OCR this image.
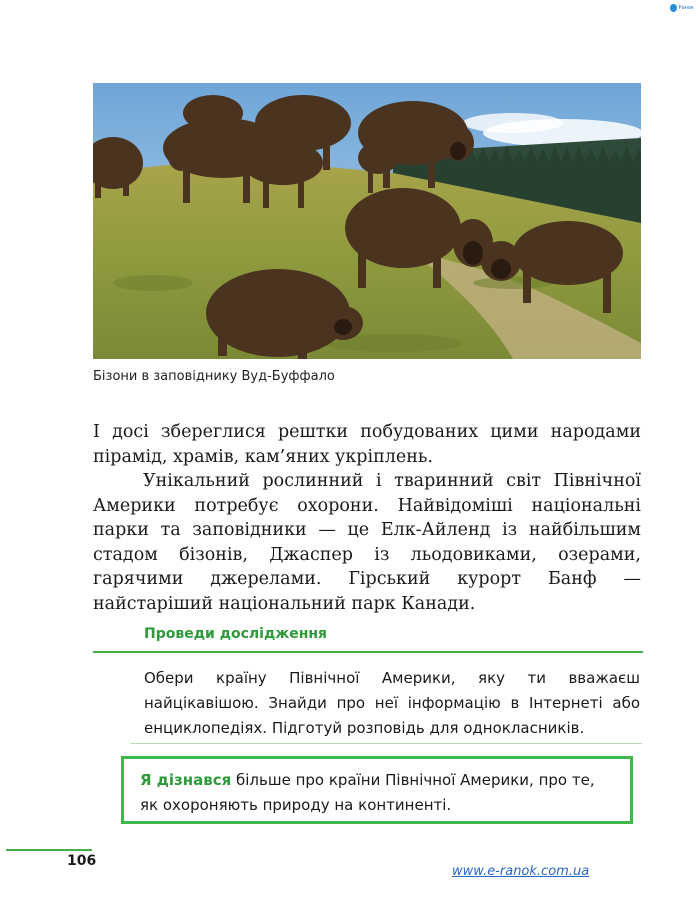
Ранок
Бізони в заповіднику Вуд-Буффало

І досі збереглися рештки побудованих цими народами пірамід, храмів, кам’яних укріплень.

Унікальний рослинний і тваринний світ Північної Америки потребує охорони. Найвідоміші національні парки та заповідники — це Елк-Айленд із найбільшим стадом бізонів, Джаспер із льодовиками, озерами, гарячими джерелами. Гірський курорт Банф — найстаріший національний парк Канади.

Проведи дослідження
Обери країну Північної Америки, яку ти вважаєш найцікавішою. Знайди про неї інформацію в Інтернеті або енциклопедіях. Підготуй розповідь для однокласників.
Я дізнався більше про країни Північної Америки, про те, як охороняють природу на континенті.
106
www.e-ranok.com.ua
